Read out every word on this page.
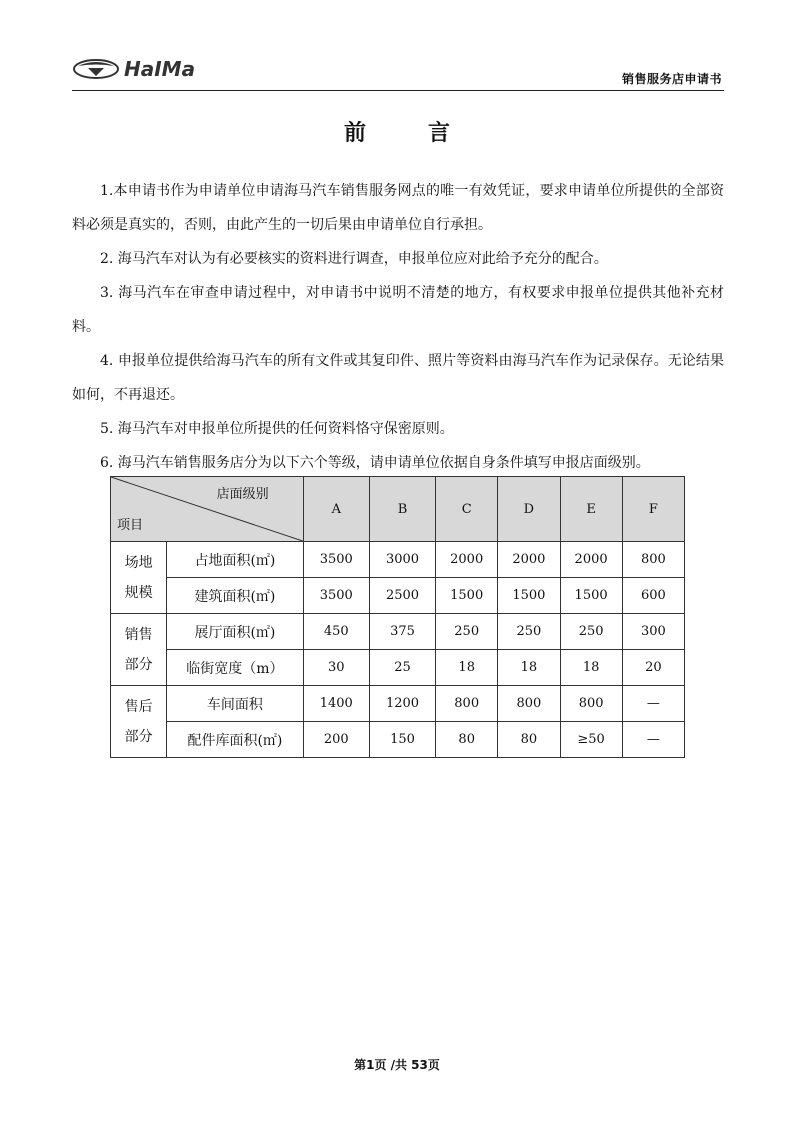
HaIMa	销售服务店申请书
前	言

1.本申请书作为申请单位申请海马汽车销售服务网点的唯一有效凭证，要求申请单位所提供的全部资料必须是真实的，否则，由此产生的一切后果由申请单位自行承担。

2. 海马汽车对认为有必要核实的资料进行调查，申报单位应对此给予充分的配合。

3. 海马汽车在审查申请过程中，对申请书中说明不清楚的地方，有权要求申报单位提供其他补充材料。

4. 申报单位提供给海马汽车的所有文件或其复印件、照片等资料由海马汽车作为记录保存。无论结果如何，不再退还。

5. 海马汽车对申报单位所提供的任何资料恪守保密原则。

6. 海马汽车销售服务店分为以下六个等级，请申请单位依据自身条件填写申报店面级别。

店面级别
项目		A	B	C	D	E	F

场地
规模	占地面积(㎡)	3500	3000	2000	2000	2000	800
	建筑面积(㎡)	3500	2500	1500	1500	1500	600

销售
部分	展厅面积(㎡)	450	375	250	250	250	300
	临街宽度（m）	30	25	18	18	18	20

售后
部分	车间面积	1400	1200	800	800	800	—
	配件库面积(㎡)	200	150	80	80	≥50	—
第1页 /共 53页
